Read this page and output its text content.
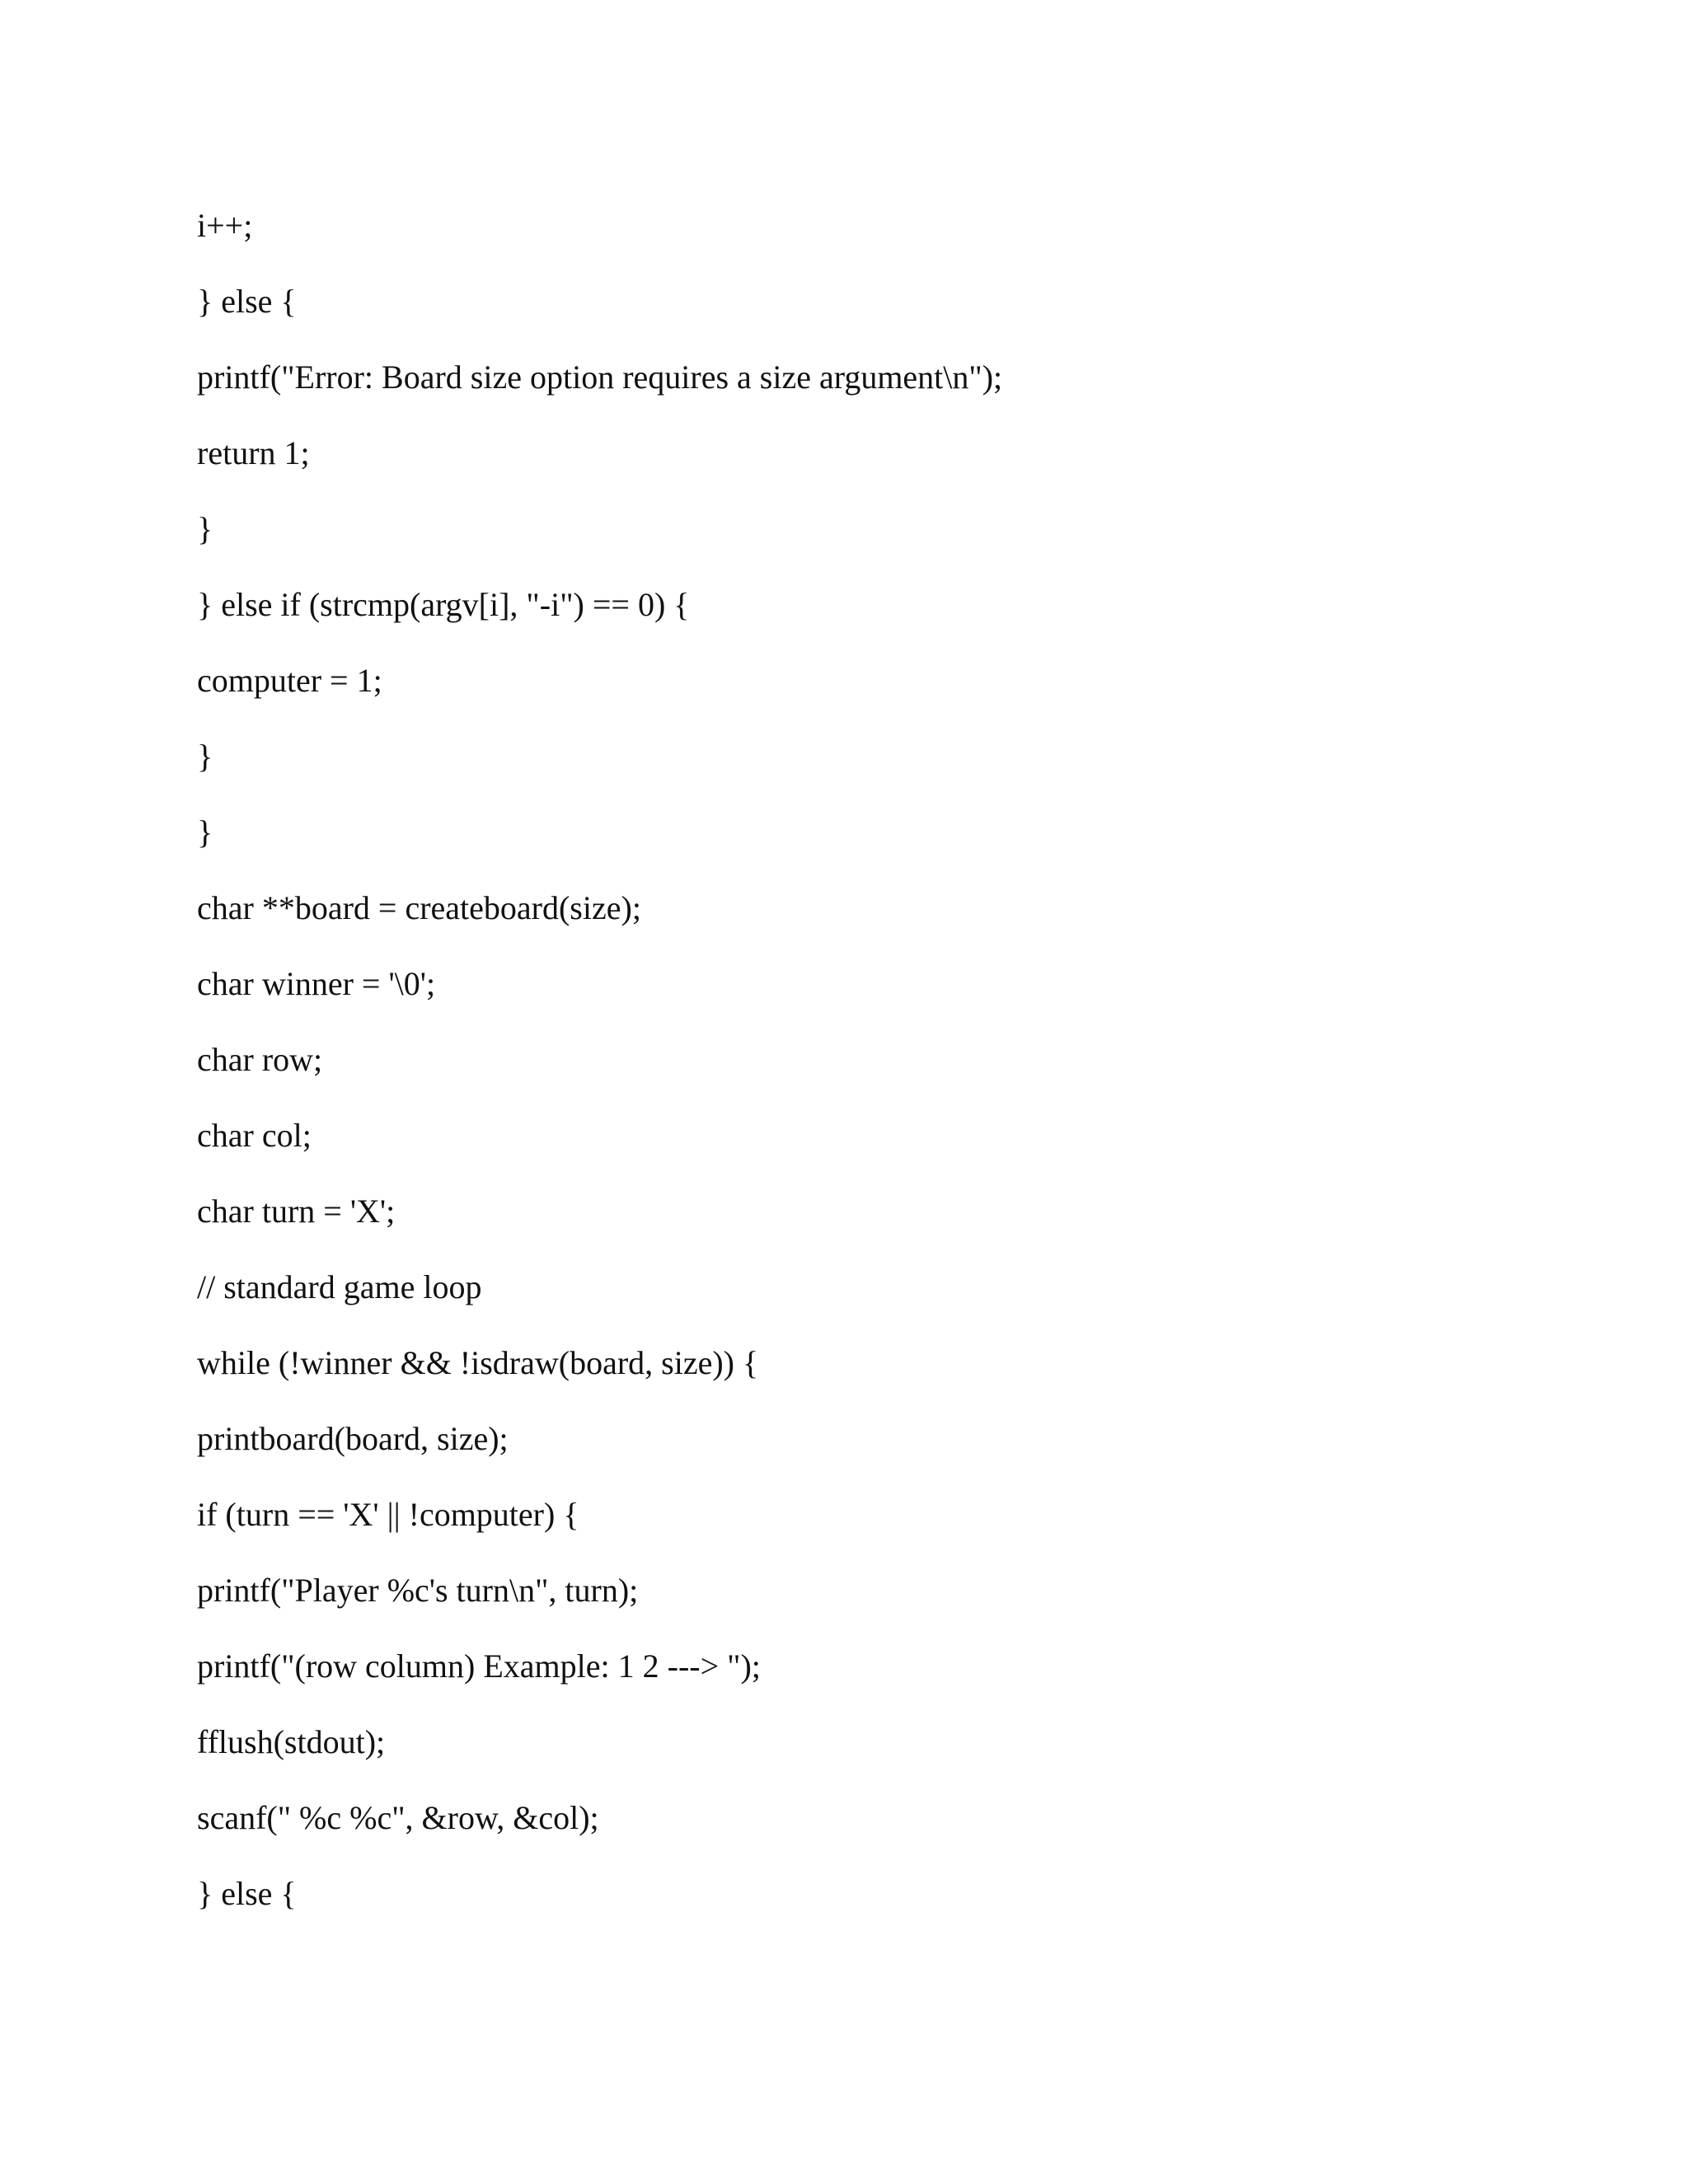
i++;
} else {
printf("Error: Board size option requires a size argument\n");
return 1;
}
} else if (strcmp(argv[i], "-i") == 0) {
computer = 1;
}
}
char **board = createboard(size);
char winner = '\0';
char row;
char col;
char turn = 'X';
// standard game loop
while (!winner && !isdraw(board, size)) {
printboard(board, size);
if (turn == 'X' || !computer) {
printf("Player %c's turn\n", turn);
printf("(row column) Example: 1 2 ---> ");
fflush(stdout);
scanf(" %c %c", &row, &col);
} else {
